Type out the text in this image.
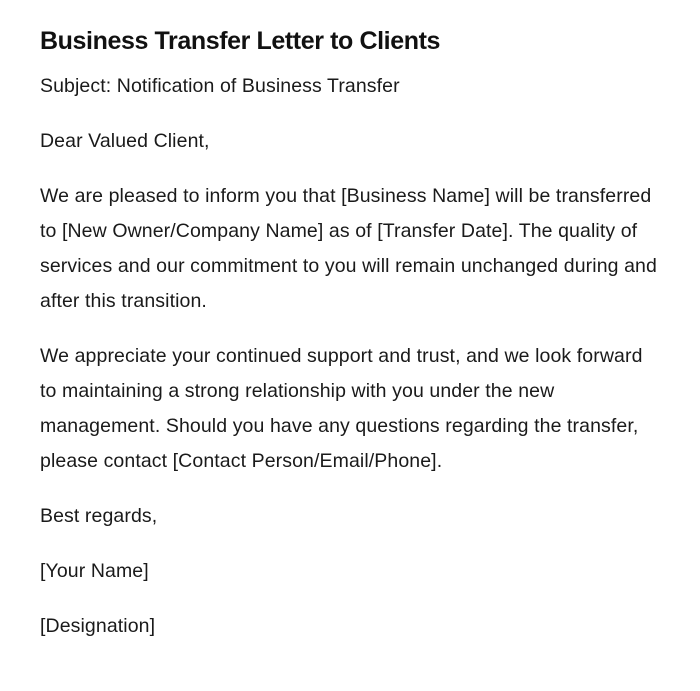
Business Transfer Letter to Clients

Subject: Notification of Business Transfer

Dear Valued Client,

We are pleased to inform you that [Business Name] will be transferred to [New Owner/Company Name] as of [Transfer Date]. The quality of services and our commitment to you will remain unchanged during and after this transition.

We appreciate your continued support and trust, and we look forward to maintaining a strong relationship with you under the new management. Should you have any questions regarding the transfer, please contact [Contact Person/Email/Phone].

Best regards,

[Your Name]

[Designation]
